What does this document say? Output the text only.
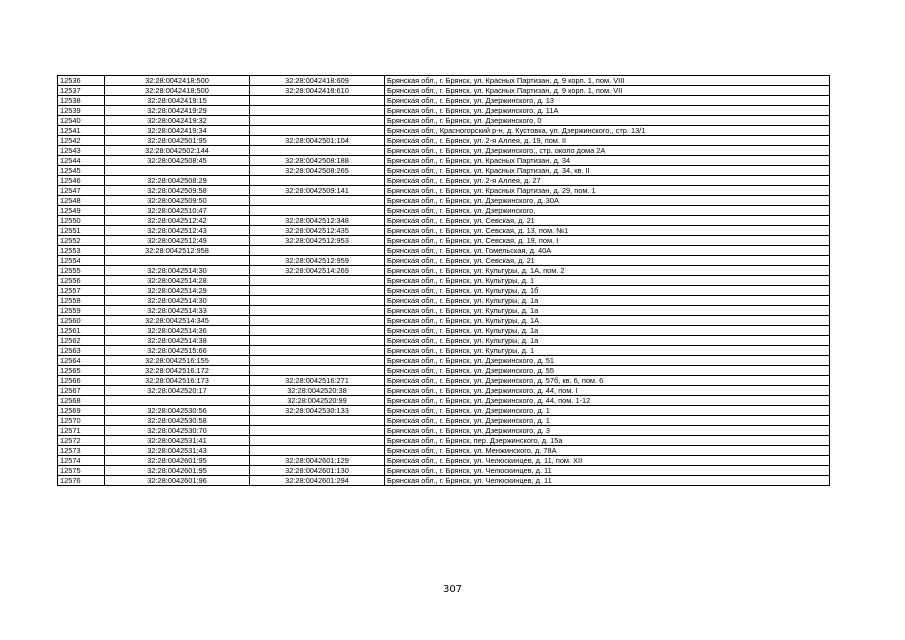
12536	32:28:0042418:500	32:28:0042418:609	Брянская обл., г. Брянск, ул. Красных Партизан, д. 9 корп. 1, пом. VIII
12537	32:28:0042418:500	32:28:0042418:610	Брянская обл., г. Брянск, ул. Красных Партизан, д. 9 корп. 1, пом. VII
12538	32:28:0042419:15		Брянская обл., г. Брянск, ул. Дзержинского, д. 13
12539	32:28:0042419:29		Брянская обл., г. Брянск, ул. Дзержинского, д. 11А
12540	32:28:0042419:32		Брянская обл., г. Брянск, ул. Дзержинского, 0
12541	32:28:0042419:34		Брянская обл., Красногорский р-н, д. Кустовка, ул. Дзержинского,, стр. 13/1
12542	32:28:0042501:95	32:28:0042501:104	Брянская обл., г. Брянск, ул. 2-я Аллея, д. 19, пом. II
12543	32:28:0042502:144		Брянская обл., г. Брянск, ул. Дзержинского,, стр. около дома 2А
12544	32:28:0042508:45	32:28:0042508:188	Брянская обл., г. Брянск, ул. Красных Партизан, д. 34
12545		32:28:0042508:265	Брянская обл., г. Брянск, ул. Красных Партизан, д. 34, кв. II
12546	32:28:0042508:29		Брянская обл., г. Брянск, ул. 2-я Аллея, д. 27
12547	32:28:0042509:58	32:28:0042509:141	Брянская обл., г. Брянск, ул. Красных Партизан, д. 29, пом. 1
12548	32:28:0042509:50		Брянская обл., г. Брянск, ул. Дзержинского, д. 30А
12549	32:28:0042510:47		Брянская обл., г. Брянск, ул. Дзержинского,
12550	32:28:0042512:42	32:28:0042512:348	Брянская обл., г. Брянск, ул. Севская, д. 21
12551	32:28:0042512:43	32:28:0042512:435	Брянская обл., г. Брянск, ул. Севская, д. 13, пом. №1
12552	32:28:0042512:49	32:28:0042512:953	Брянская обл., г. Брянск, ул. Севская, д. 19, пом. I
12553	32:28:0042512:958		Брянская обл., г. Брянск, ул. Гомельская, д. 40А
12554		32:28:0042512:959	Брянская обл., г. Брянск, ул. Севская, д. 21
12555	32:28:0042514:30	32:28:0042514:269	Брянская обл., г. Брянск, ул. Культуры, д. 1А, пом. 2
12556	32:28:0042514:28		Брянская обл., г. Брянск, ул. Культуры, д. 1
12557	32:28:0042514:29		Брянская обл., г. Брянск, ул. Культуры, д. 1б
12558	32:28:0042514:30		Брянская обл., г. Брянск, ул. Культуры, д. 1а
12559	32:28:0042514:33		Брянская обл., г. Брянск, ул. Культуры, д. 1а
12560	32:28:0042514:345		Брянская обл., г. Брянск, ул. Культуры, д. 1А
12561	32:28:0042514:36		Брянская обл., г. Брянск, ул. Культуры, д. 1а
12562	32:28:0042514:38		Брянская обл., г. Брянск, ул. Культуры, д. 1а
12563	32:28:0042515:66		Брянская обл., г. Брянск, ул. Культуры, д. 1
12564	32:28:0042516:155		Брянская обл., г. Брянск, ул. Дзержинского, д. 51
12565	32:28:0042516:172		Брянская обл., г. Брянск, ул. Дзержинского, д. 55
12566	32:28:0042516:173	32:28:0042516:271	Брянская обл., г. Брянск, ул. Дзержинского, д. 57б, кв. 6, пом. 6
12567	32:28:0042520:17	32:28:0042520:38	Брянская обл., г. Брянск, ул. Дзержинского, д. 44, пом. I
12568		32:28:0042520:99	Брянская обл., г. Брянск, ул. Дзержинского, д. 44, пом. 1-12
12569	32:28:0042530:56	32:28:0042530:133	Брянская обл., г. Брянск, ул. Дзержинского, д. 1
12570	32:28:0042530:58		Брянская обл., г. Брянск, ул. Дзержинского, д. 1
12571	32:28:0042530:70		Брянская обл., г. Брянск, ул. Дзержинского, д. 3
12572	32:28:0042531:41		Брянская обл., г. Брянск, пер. Дзержинского, д. 15а
12573	32:28:0042531:43		Брянская обл., г. Брянск, ул. Менжинского, д. 78А
12574	32:28:0042601:95	32:28:0042601:129	Брянская обл., г. Брянск, ул. Челюскинцев, д. 11, пом. XII
12575	32:28:0042601:95	32:28:0042601:130	Брянская обл., г. Брянск, ул. Челюскинцев, д. 11
12576	32:28:0042601:96	32:28:0042601:294	Брянская обл., г. Брянск, ул. Челюскинцев, д. 11
307
